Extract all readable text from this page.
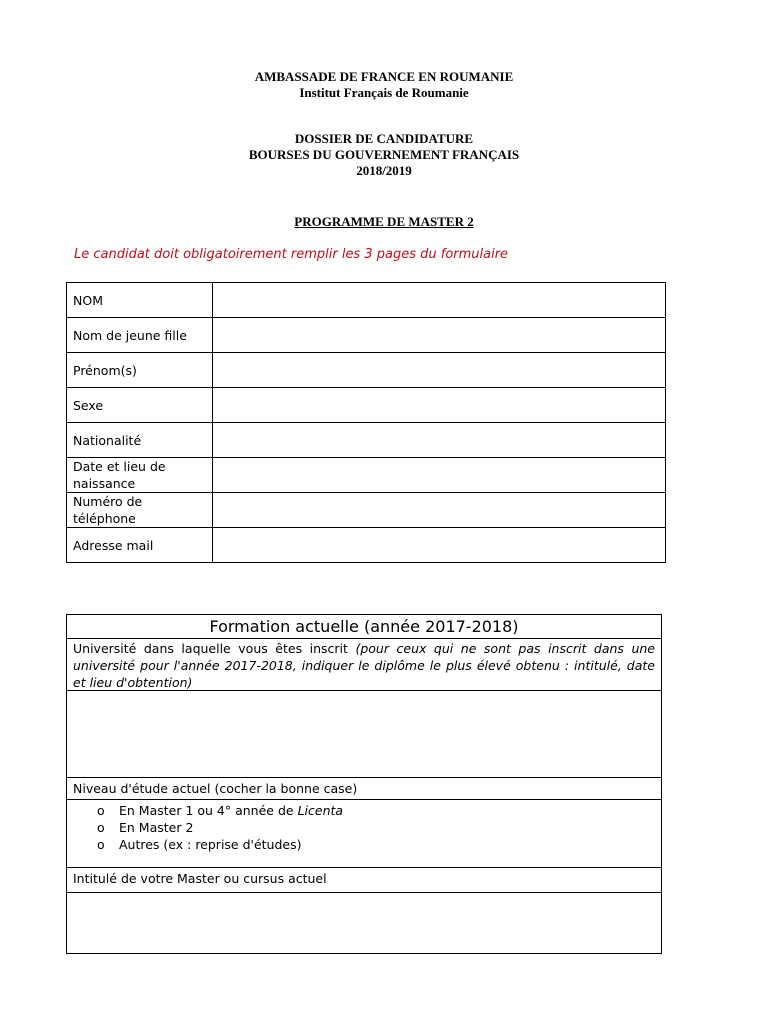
AMBASSADE DE FRANCE EN ROUMANIE
Institut Français de Roumanie
DOSSIER DE CANDIDATURE
BOURSES DU GOUVERNEMENT FRANÇAIS
2018/2019
PROGRAMME DE MASTER 2
Le candidat doit obligatoirement remplir les 3 pages du formulaire
NOM	
Nom de jeune fille	
Prénom(s)	
Sexe	
Nationalité	
Date et lieu de naissance	
Numéro de téléphone	
Adresse mail	
Formation actuelle (année 2017-2018)
Université dans laquelle vous êtes inscrit (pour ceux qui ne sont pas inscrit dans une université pour l'année 2017-2018, indiquer le diplôme le plus élevé obtenu : intitulé, date et lieu d'obtention)
Niveau d'étude actuel (cocher la bonne case)
o En Master 1 ou 4° année de Licenta
o En Master 2
o Autres (ex : reprise d'études)
Intitulé de votre Master ou cursus actuel
